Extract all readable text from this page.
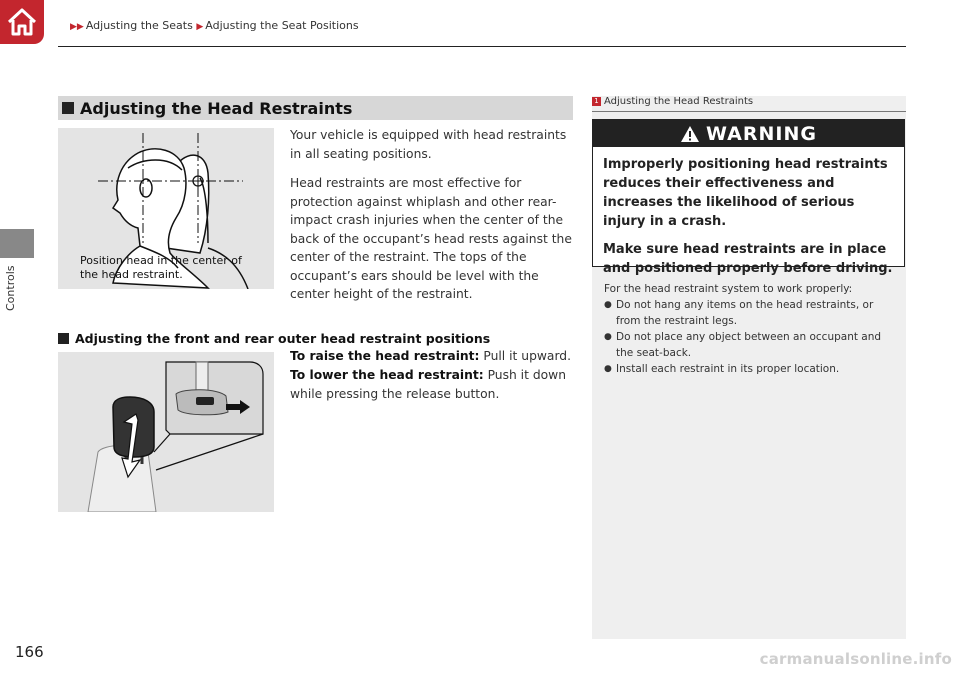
▶▶ Adjusting the Seats ▶ Adjusting the Seat Positions
Controls
Adjusting the Head Restraints
Position head in the center of the head restraint.

Your vehicle is equipped with head restraints in all seating positions.

Head restraints are most effective for protection against whiplash and other rear-impact crash injuries when the center of the back of the occupant’s head rests against the center of the restraint. The tops of the occupant’s ears should be level with the center height of the restraint.

Adjusting the front and rear outer head restraint positions
To raise the head restraint: Pull it upward.
To lower the head restraint: Push it down while pressing the release button.
1 Adjusting the Head Restraints
WARNING

Improperly positioning head restraints reduces their effectiveness and increases the likelihood of serious injury in a crash.

Make sure head restraints are in place and positioned properly before driving.

For the head restraint system to work properly:
● Do not hang any items on the head restraints, or from the restraint legs.
● Do not place any object between an occupant and the seat-back.
● Install each restraint in its proper location.
166	carmanualsonline.info
